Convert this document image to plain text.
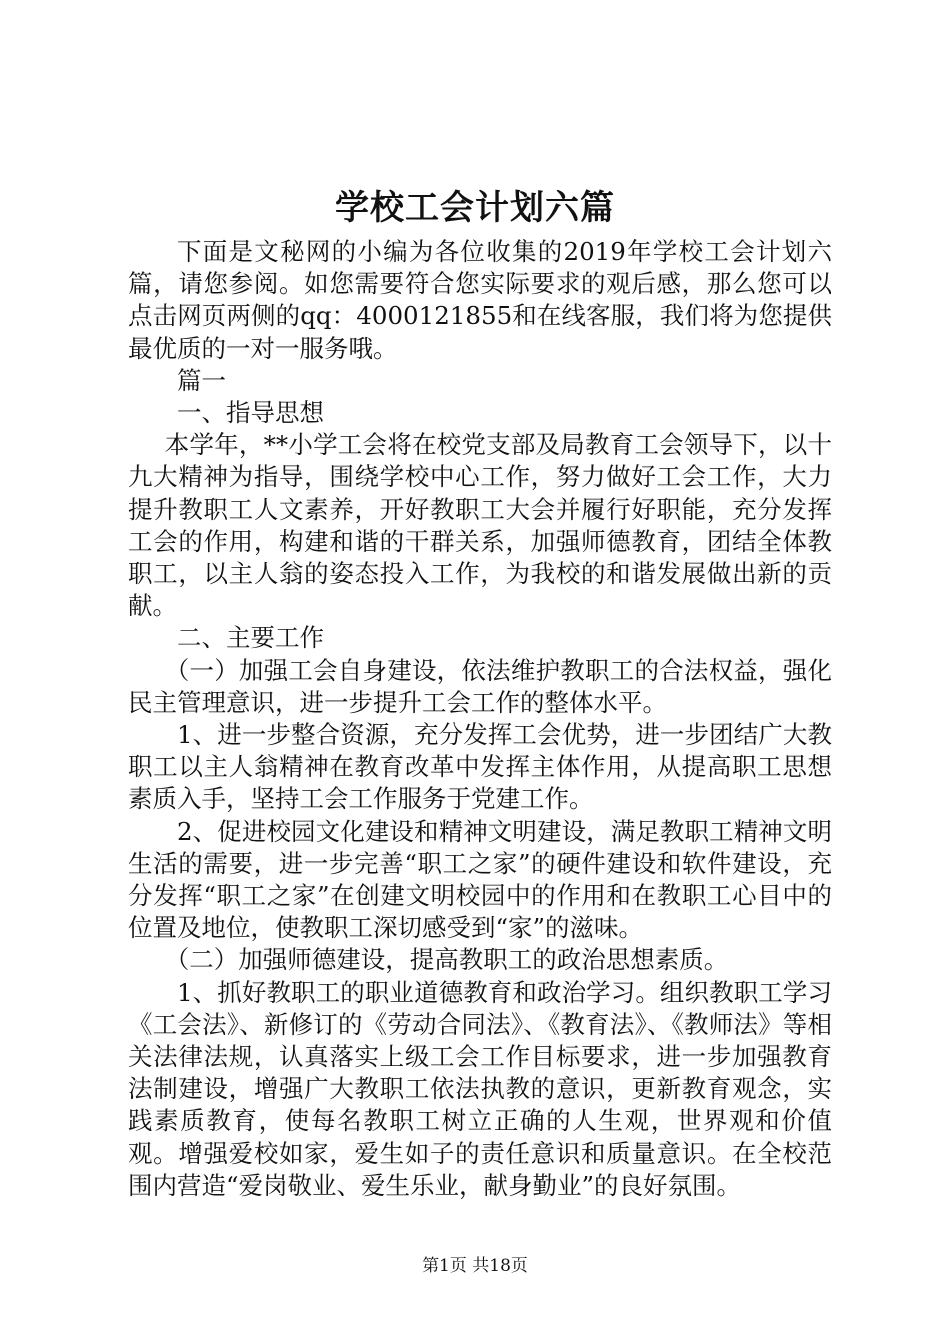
学校工会计划六篇

下面是文秘网的小编为各位收集的2019年学校工会计划六篇，请您参阅。如您需要符合您实际要求的观后感，那么您可以点击网页两侧的qq：4000121855和在线客服，我们将为您提供最优质的一对一服务哦。

篇一

一、指导思想

本学年，**小学工会将在校党支部及局教育工会领导下，以十九大精神为指导，围绕学校中心工作，努力做好工会工作，大力提升教职工人文素养，开好教职工大会并履行好职能，充分发挥工会的作用，构建和谐的干群关系，加强师德教育，团结全体教职工，以主人翁的姿态投入工作，为我校的和谐发展做出新的贡献。

二、主要工作

（一）加强工会自身建设，依法维护教职工的合法权益，强化民主管理意识，进一步提升工会工作的整体水平。

1、进一步整合资源，充分发挥工会优势，进一步团结广大教职工以主人翁精神在教育改革中发挥主体作用，从提高职工思想素质入手，坚持工会工作服务于党建工作。

2、促进校园文化建设和精神文明建设，满足教职工精神文明生活的需要，进一步完善“职工之家”的硬件建设和软件建设，充分发挥“职工之家”在创建文明校园中的作用和在教职工心目中的位置及地位，使教职工深切感受到“家”的滋味。

（二）加强师德建设，提高教职工的政治思想素质。

1、抓好教职工的职业道德教育和政治学习。组织教职工学习《工会法》、新修订的《劳动合同法》、《教育法》、《教师法》等相关法律法规，认真落实上级工会工作目标要求，进一步加强教育法制建设，增强广大教职工依法执教的意识，更新教育观念，实践素质教育，使每名教职工树立正确的人生观，世界观和价值观。增强爱校如家，爱生如子的责任意识和质量意识。在全校范围内营造“爱岗敬业、爱生乐业，献身勤业”的良好氛围。

第1页 共18页
